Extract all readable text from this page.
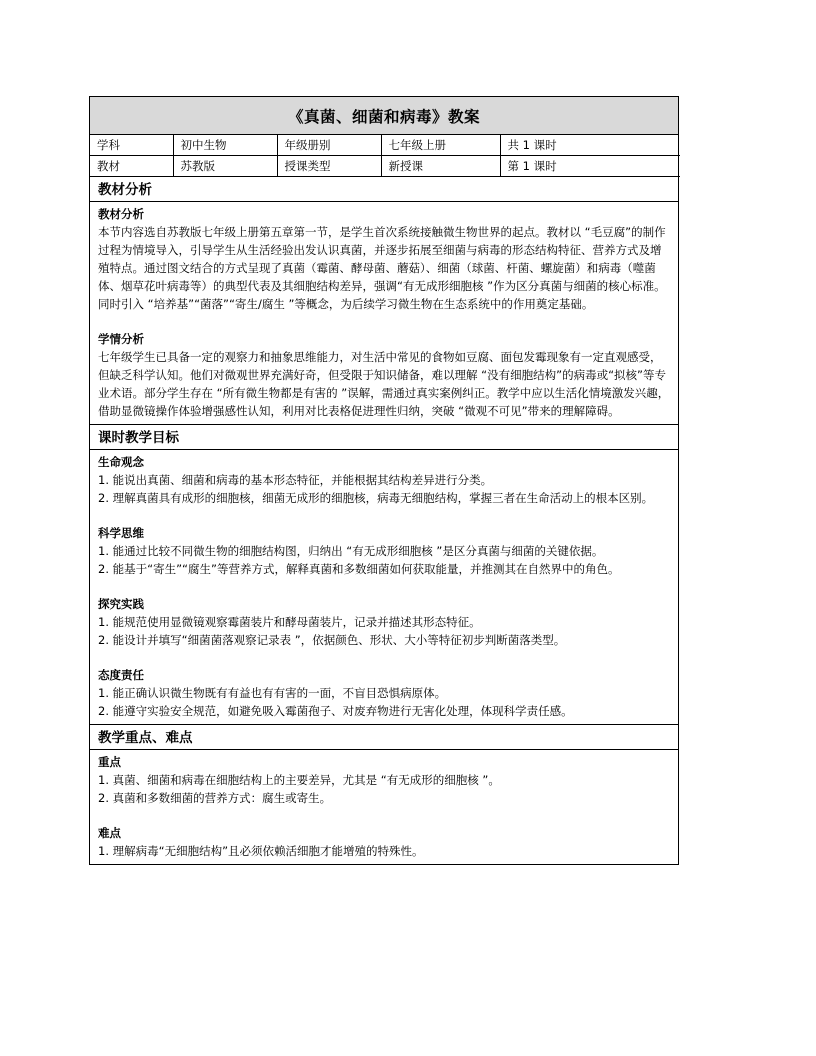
《真菌、细菌和病毒》教案
学科	初中生物	年级册别	七年级上册	共 1 课时
教材	苏教版	授课类型	新授课	第 1 课时
教材分析

教材分析

本节内容选自苏教版七年级上册第五章第一节，是学生首次系统接触微生物世界的起点。教材以 “毛豆腐”的制作过程为情境导入，引导学生从生活经验出发认识真菌，并逐步拓展至细菌与病毒的形态结构特征、营养方式及增殖特点。通过图文结合的方式呈现了真菌（霉菌、酵母菌、蘑菇）、细菌（球菌、杆菌、螺旋菌）和病毒（噬菌体、烟草花叶病毒等）的典型代表及其细胞结构差异，强调“有无成形细胞核 ”作为区分真菌与细菌的核心标准。同时引入 “培养基”“菌落”“寄生/腐生 ”等概念，为后续学习微生物在生态系统中的作用奠定基础。

学情分析

七年级学生已具备一定的观察力和抽象思维能力，对生活中常见的食物如豆腐、面包发霉现象有一定直观感受，但缺乏科学认知。他们对微观世界充满好奇，但受限于知识储备，难以理解 “没有细胞结构”的病毒或“拟核”等专业术语。部分学生存在 “所有微生物都是有害的 ”误解，需通过真实案例纠正。教学中应以生活化情境激发兴趣，借助显微镜操作体验增强感性认知，利用对比表格促进理性归纳，突破 “微观不可见”带来的理解障碍。

课时教学目标

生命观念

1. 能说出真菌、细菌和病毒的基本形态特征，并能根据其结构差异进行分类。

2. 理解真菌具有成形的细胞核，细菌无成形的细胞核，病毒无细胞结构，掌握三者在生命活动上的根本区别。

科学思维

1. 能通过比较不同微生物的细胞结构图，归纳出 “有无成形细胞核 ”是区分真菌与细菌的关键依据。

2. 能基于“寄生”“腐生”等营养方式，解释真菌和多数细菌如何获取能量，并推测其在自然界中的角色。

探究实践

1. 能规范使用显微镜观察霉菌装片和酵母菌装片，记录并描述其形态特征。

2. 能设计并填写“细菌菌落观察记录表 ”，依据颜色、形状、大小等特征初步判断菌落类型。

态度责任

1. 能正确认识微生物既有有益也有有害的一面，不盲目恐惧病原体。

2. 能遵守实验安全规范，如避免吸入霉菌孢子、对废弃物进行无害化处理，体现科学责任感。

教学重点、难点

重点

1. 真菌、细菌和病毒在细胞结构上的主要差异，尤其是 “有无成形的细胞核 ”。

2. 真菌和多数细菌的营养方式：腐生或寄生。

难点

1. 理解病毒“无细胞结构”且必须依赖活细胞才能增殖的特殊性。
